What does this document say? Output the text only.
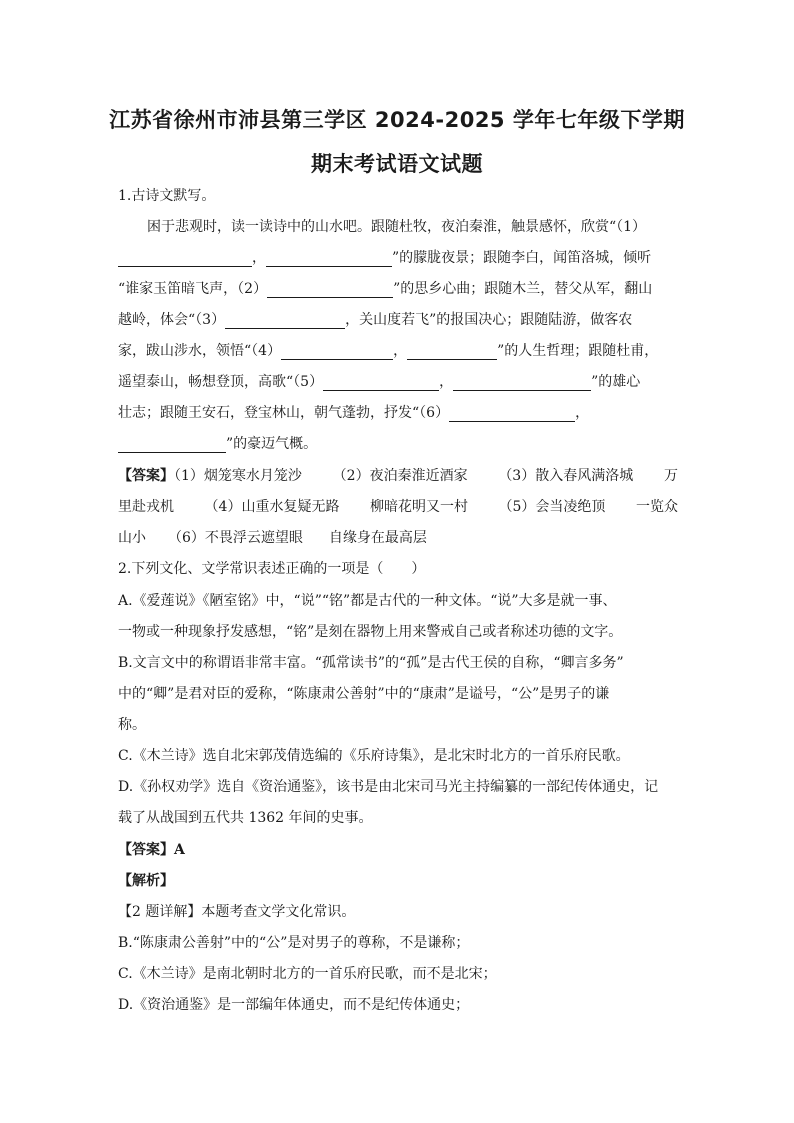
江苏省徐州市沛县第三学区 2024-2025 学年七年级下学期
期末考试语文试题
1.古诗文默写。
困于悲观时，读一读诗中的山水吧。跟随杜牧，夜泊秦淮，触景感怀，欣赏“（1）
，	”的朦胧夜景；跟随李白，闻笛洛城，倾听
“谁家玉笛暗飞声，（2）	”的思乡心曲；跟随木兰，替父从军，翻山
越岭，体会“（3）	，关山度若飞”的报国决心；跟随陆游，做客农
家，跋山涉水，领悟“（4）	，	”的人生哲理；跟随杜甫，
遥望泰山，畅想登顶，高歌“（5）	，	”的雄心
壮志；跟随王安石，登宝林山，朝气蓬勃，抒发“（6）	，
”的豪迈气概。
【答案】（1）烟笼寒水月笼沙 （2）夜泊秦淮近酒家 （3）散入春风满洛城 万
里赴戎机 （4）山重水复疑无路 柳暗花明又一村 （5）会当凌绝顶 一览众
山小 （6）不畏浮云遮望眼 自缘身在最高层
2.下列文化、文学常识表述正确的一项是（　　）
A.《爱莲说》《陋室铭》中，“说”“铭”都是古代的一种文体。“说”大多是就一事、
一物或一种现象抒发感想，“铭”是刻在器物上用来警戒自己或者称述功德的文字。
B.文言文中的称谓语非常丰富。“孤常读书”的“孤”是古代王侯的自称，“卿言多务”
中的“卿”是君对臣的爱称，“陈康肃公善射”中的“康肃”是谥号，“公”是男子的谦
称。
C.《木兰诗》选自北宋郭茂倩选编的《乐府诗集》，是北宋时北方的一首乐府民歌。
D.《孙权劝学》选自《资治通鉴》，该书是由北宋司马光主持编纂的一部纪传体通史，记
载了从战国到五代共 1362 年间的史事。
【答案】A
【解析】
【2 题详解】本题考查文学文化常识。
B.“陈康肃公善射”中的“公”是对男子的尊称，不是谦称；
C.《木兰诗》是南北朝时北方的一首乐府民歌，而不是北宋；
D.《资治通鉴》是一部编年体通史，而不是纪传体通史；
